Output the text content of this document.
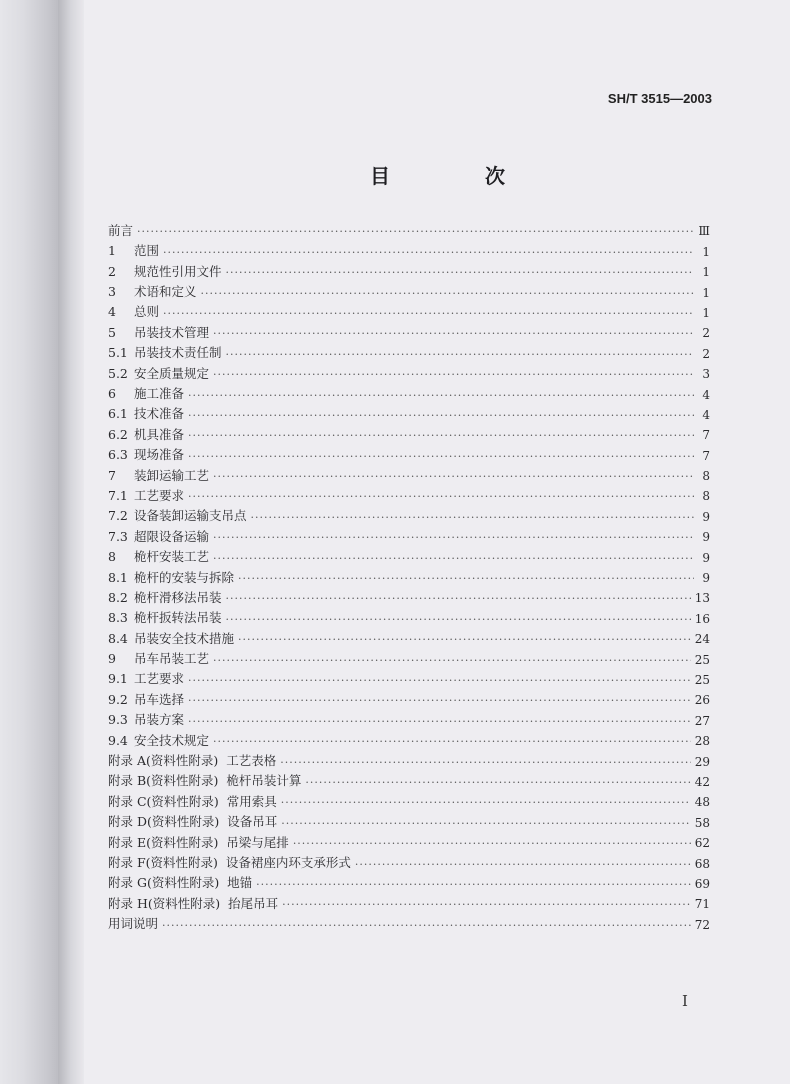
SH/T 3515—2003
目 次
前言 ·····	Ⅲ
1	范围 ·····	1
2	规范性引用文件 ·····	1
3	术语和定义 ·····	1
4	总则 ·····	1
5	吊装技术管理 ·····	2
5.1 吊装技术责任制 ·····	2
5.2 安全质量规定 ·····	3
6	施工准备 ·····	4
6.1 技术准备 ·····	4
6.2 机具准备 ·····	7
6.3 现场准备 ·····	7
7	装卸运输工艺 ·····	8
7.1 工艺要求 ·····	8
7.2 设备装卸运输支吊点 ·····	9
7.3 超限设备运输 ·····	9
8	桅杆安装工艺 ·····	9
8.1 桅杆的安装与拆除 ·····	9
8.2 桅杆滑移法吊装 ·····	13
8.3 桅杆扳转法吊装 ·····	16
8.4 吊装安全技术措施 ·····	24
9	吊车吊装工艺 ·····	25
9.1 工艺要求 ·····	25
9.2 吊车选择 ·····	26
9.3 吊装方案 ·····	27
9.4 安全技术规定 ·····	28
附录 A(资料性附录)  工艺表格 ·····	29
附录 B(资料性附录)  桅杆吊装计算 ·····	42
附录 C(资料性附录)  常用索具 ·····	48
附录 D(资料性附录)  设备吊耳 ·····	58
附录 E(资料性附录)  吊梁与尾排 ·····	62
附录 F(资料性附录)  设备裙座内环支承形式 ·····	68
附录 G(资料性附录)  地锚 ·····	69
附录 H(资料性附录)  抬尾吊耳 ·····	71
用词说明 ·····	72
I
